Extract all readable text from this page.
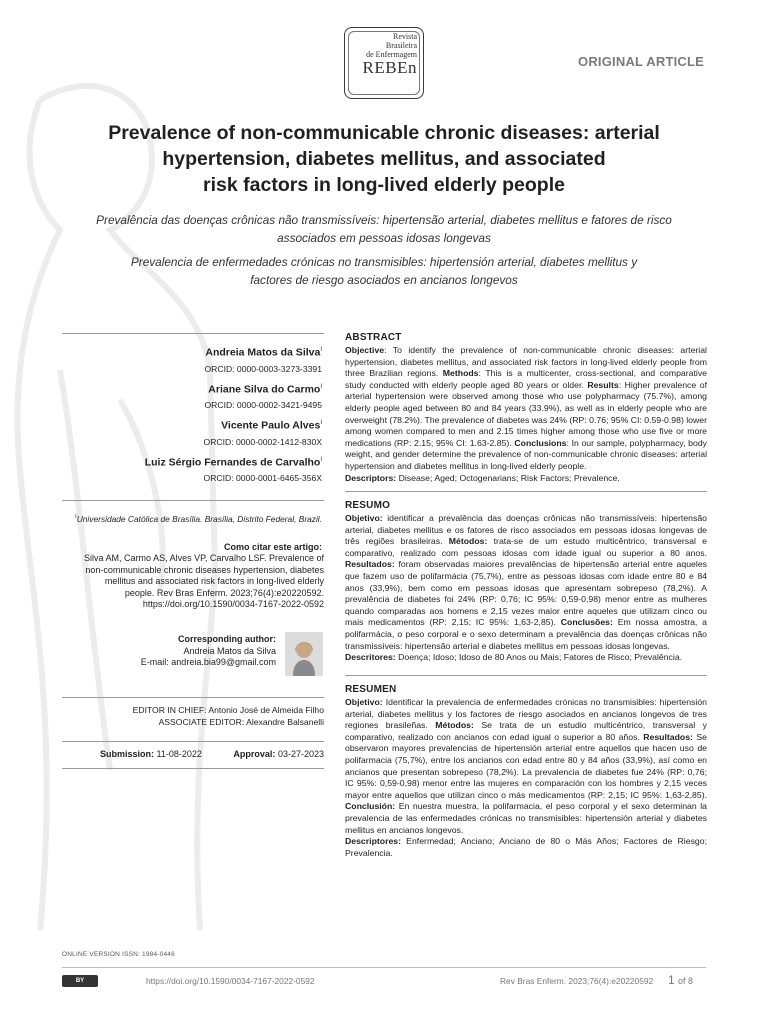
Revista
Brasileira
de Enfermagem
REBEn	ORIGINAL ARTICLE
Prevalence of non-communicable chronic diseases: arterial
hypertension, diabetes mellitus, and associated
risk factors in long-lived elderly people
Prevalência das doenças crônicas não transmissíveis: hipertensão arterial, diabetes mellitus e fatores de risco
associados em pessoas idosas longevas
Prevalencia de enfermedades crónicas no transmisibles: hipertensión arterial, diabetes mellitus y
factores de riesgo asociados en ancianos longevos
Andreia Matos da Silva$^I$
ORCID: 0000-0003-3273-3391
Ariane Silva do Carmo$^I$
ORCID: 0000-0002-3421-9495
Vicente Paulo Alves$^I$
ORCID: 0000-0002-1412-830X
Luiz Sérgio Fernandes de Carvalho$^I$
ORCID: 0000-0001-6465-356X
$^I$Universidade Católica de Brasília. Brasília, Distrito Federal, Brazil.
Como citar este artigo:
Silva AM, Carmo AS, Alves VP, Carvalho LSF. Prevalence of
non-communicable chronic diseases hypertension, diabetes
mellitus and associated risk factors in long-lived elderly
people. Rev Bras Enferm. 2023;76(4):e20220592.
https://doi.org/10.1590/0034-7167-2022-0592
Corresponding author:
Andreia Matos da Silva
E-mail: andreia.bia99@gmail.com
EDITOR IN CHIEF: Antonio José de Almeida Filho
ASSOCIATE EDITOR: Alexandre Balsanelli
Submission: 11-08-2022	Approval: 03-27-2023
ABSTRACT

Objective: To identify the prevalence of non-communicable chronic diseases: arterial hypertension, diabetes mellitus, and associated risk factors in long-lived elderly people from three Brazilian regions. Methods: This is a multicenter, cross-sectional, and comparative study conducted with elderly people aged 80 years or older. Results: Higher prevalence of arterial hypertension were observed among those who use polypharmacy (75.7%), among elderly people aged between 80 and 84 years (33.9%), as well as in elderly people who are overweight (78.2%). The prevalence of diabetes was 24% (RP: 0.76; 95% CI: 0.59-0.98) lower among women compared to men and 2.15 times higher among those who use five or more medications (RP: 2.15; 95% CI: 1.63-2.85). Conclusions: In our sample, polypharmacy, body weight, and gender determine the prevalence of non-communicable chronic diseases: arterial hypertension and diabetes mellitus in long-lived elderly people.

Descriptors: Disease; Aged; Octogenarians; Risk Factors; Prevalence.

RESUMO

Objetivo: identificar a prevalência das doenças crônicas não transmissíveis: hipertensão arterial, diabetes mellitus e os fatores de risco associados em pessoas idosas longevas de três regiões brasileiras. Métodos: trata-se de um estudo multicêntrico, transversal e comparativo, realizado com pessoas idosas com idade igual ou superior a 80 anos. Resultados: foram observadas maiores prevalências de hipertensão arterial entre aqueles que fazem uso de polifarmácia (75,7%), entre as pessoas idosas com idade entre 80 e 84 anos (33,9%), bem como em pessoas idosas que apresentam sobrepeso (78,2%). A prevalência de diabetes foi 24% (RP: 0,76; IC 95%: 0,59-0,98) menor entre as mulheres quando comparadas aos homens e 2,15 vezes maior entre aqueles que utilizam cinco ou mais medicamentos (RP: 2,15; IC 95%: 1,63-2,85). Conclusões: Em nossa amostra, a polifarmácia, o peso corporal e o sexo determinam a prevalência das doenças crônicas não transmissíveis: hipertensão arterial e diabetes mellitus em pessoas idosas longevas.

Descritores: Doença; Idoso; Idoso de 80 Anos ou Mais; Fatores de Risco; Prevalência.

RESUMEN

Objetivo: Identificar la prevalencia de enfermedades crónicas no transmisibles: hipertensión arterial, diabetes mellitus y los factores de riesgo asociados en ancianos longevos de tres regiones brasileñas. Métodos: Se trata de un estudio multicéntrico, transversal y comparativo, realizado con ancianos con edad igual o superior a 80 años. Resultados: Se observaron mayores prevalencias de hipertensión arterial entre aquellos que hacen uso de polifarmacia (75,7%), entre los ancianos con edad entre 80 y 84 años (33,9%), así como en ancianos que presentan sobrepeso (78,2%). La prevalencia de diabetes fue 24% (RP: 0,76; IC 95%: 0,59-0,98) menor entre las mujeres en comparación con los hombres y 2,15 veces mayor entre aquellos que utilizan cinco o más medicamentos (RP: 2,15; IC 95%: 1,63-2,85). Conclusión: En nuestra muestra, la polifarmacia, el peso corporal y el sexo determinan la prevalencia de las enfermedades crónicas no transmisibles: hipertensión arterial y diabetes mellitus en ancianos longevos.

Descriptores: Enfermedad; Anciano; Anciano de 80 o Más Años; Factores de Riesgo; Prevalencia.

ONLINE VERSION ISSN: 1984-0446
BY	https://doi.org/10.1590/0034-7167-2022-0592	Rev Bras Enferm. 2023;76(4):e20220592 1 of 8
